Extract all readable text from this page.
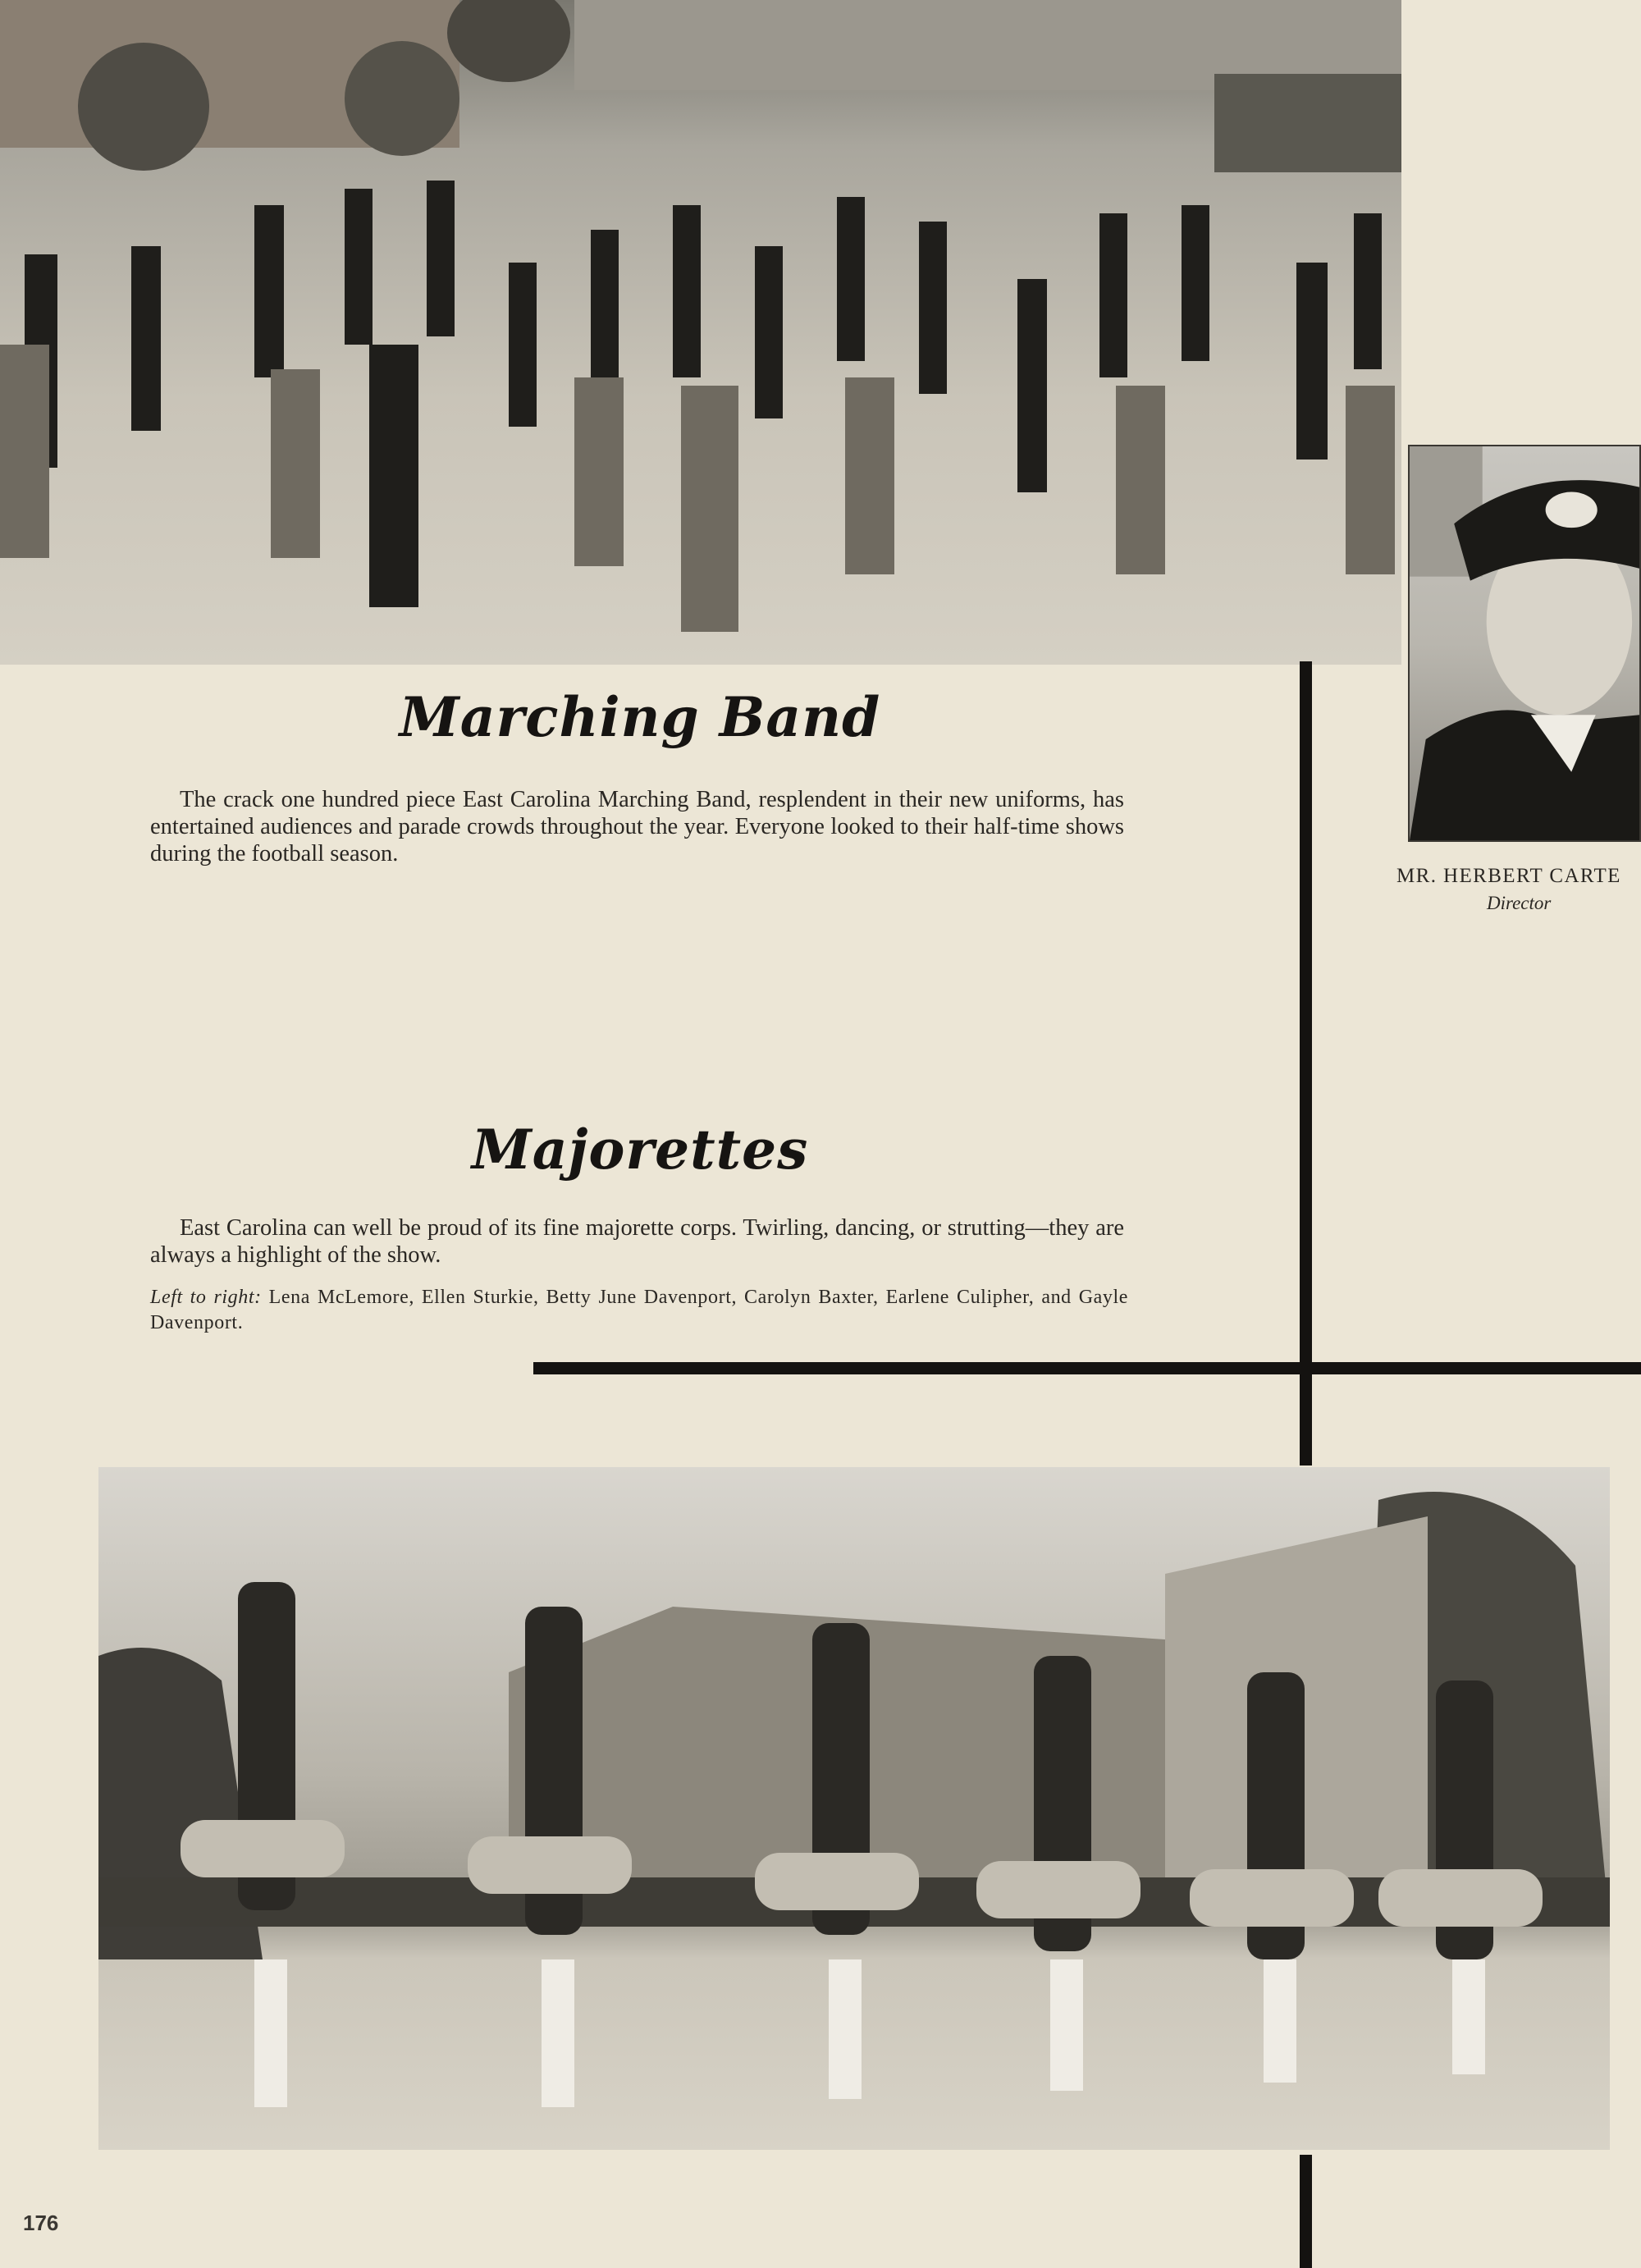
Marching Band

The crack one hundred piece East Carolina Marching Band, resplendent in their new uniforms, has entertained audiences and parade crowds throughout the year. Everyone looked to their half-time shows during the football season.

MR. HERBERT CARTE

Director

Majorettes

East Carolina can well be proud of its fine majorette corps. Twirling, dancing, or strutting—they are always a highlight of the show.

Left to right: Lena McLemore, Ellen Sturkie, Betty June Davenport, Carolyn Baxter, Earlene Culipher, and Gayle Davenport.

176
